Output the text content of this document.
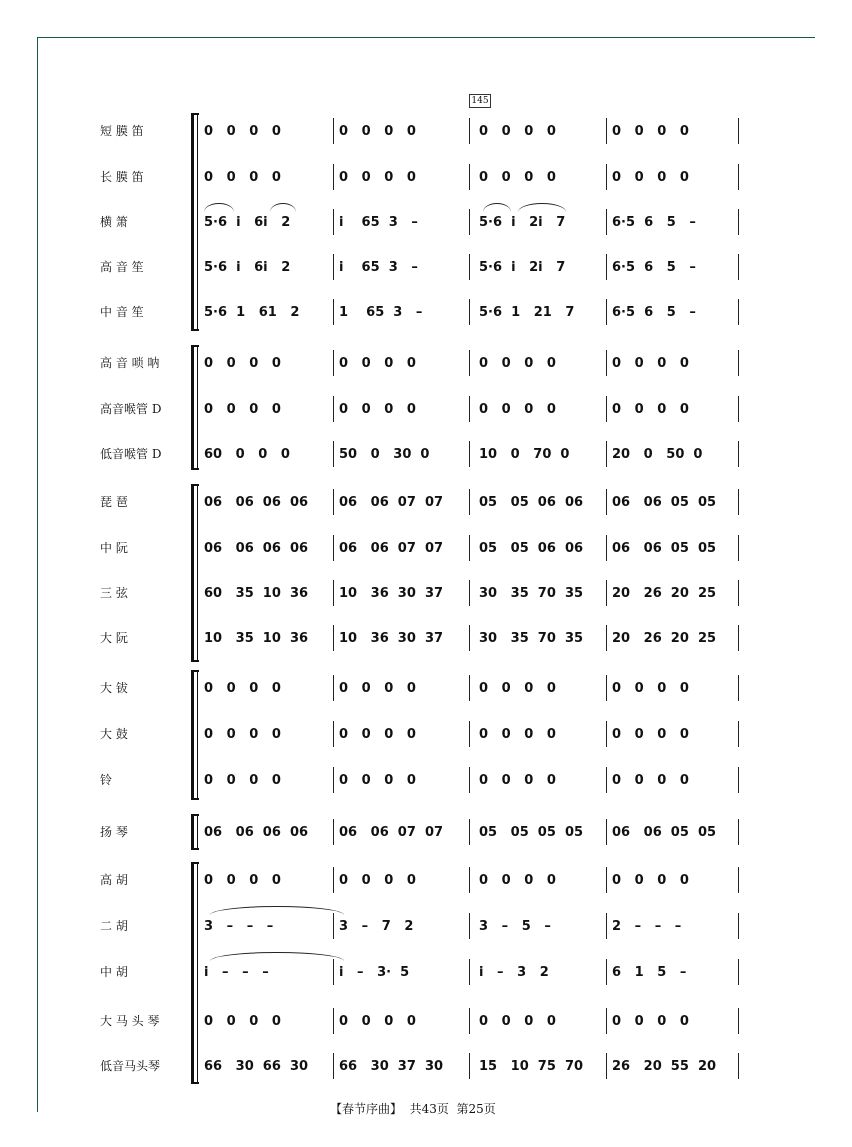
145
短 膜 笛	0   0   0   0	0   0   0   0	0   0   0   0	0   0   0   0
长 膜 笛	0   0   0   0	0   0   0   0	0   0   0   0	0   0   0   0
横 箫	5·6  i   6i   2	i    65  3   –	5·6  i   2i   7	6·5  6   5   –
高 音 笙	5·6  i   6i   2	i    65  3   –	5·6  i   2i   7	6·5  6   5   –
中 音 笙	5·6  1   61   2	1    65  3   –	5·6  1   21   7	6·5  6   5   –
高 音 唢 呐	0   0   0   0	0   0   0   0	0   0   0   0	0   0   0   0
高音喉管 D	0   0   0   0	0   0   0   0	0   0   0   0	0   0   0   0
低音喉管 D	60   0   0   0	50   0   30  0	10   0   70  0	20   0   50  0
琵 琶	06   06  06  06	06   06  07  07	05   05  06  06	06   06  05  05
中 阮	06   06  06  06	06   06  07  07	05   05  06  06	06   06  05  05
三 弦	60   35  10  36	10   36  30  37	30   35  70  35	20   26  20  25
大 阮	10   35  10  36	10   36  30  37	30   35  70  35	20   26  20  25
大 钹	0   0   0   0	0   0   0   0	0   0   0   0	0   0   0   0
大 鼓	0   0   0   0	0   0   0   0	0   0   0   0	0   0   0   0
铃	0   0   0   0	0   0   0   0	0   0   0   0	0   0   0   0
扬 琴	06   06  06  06	06   06  07  07	05   05  05  05	06   06  05  05
高 胡	0   0   0   0	0   0   0   0	0   0   0   0	0   0   0   0
二 胡	3   –   –   –	3   –   7   2	3   –   5   –	2   –   –   –
中 胡	i   –   –   –	i   –   3·  5	i   –   3   2	6   1   5   –
大 马 头 琴	0   0   0   0	0   0   0   0	0   0   0   0	0   0   0   0
低音马头琴	66   30  66  30	66   30  37  30	15   10  75  70	26   20  55  20
【春节序曲】  共43页  第25页
